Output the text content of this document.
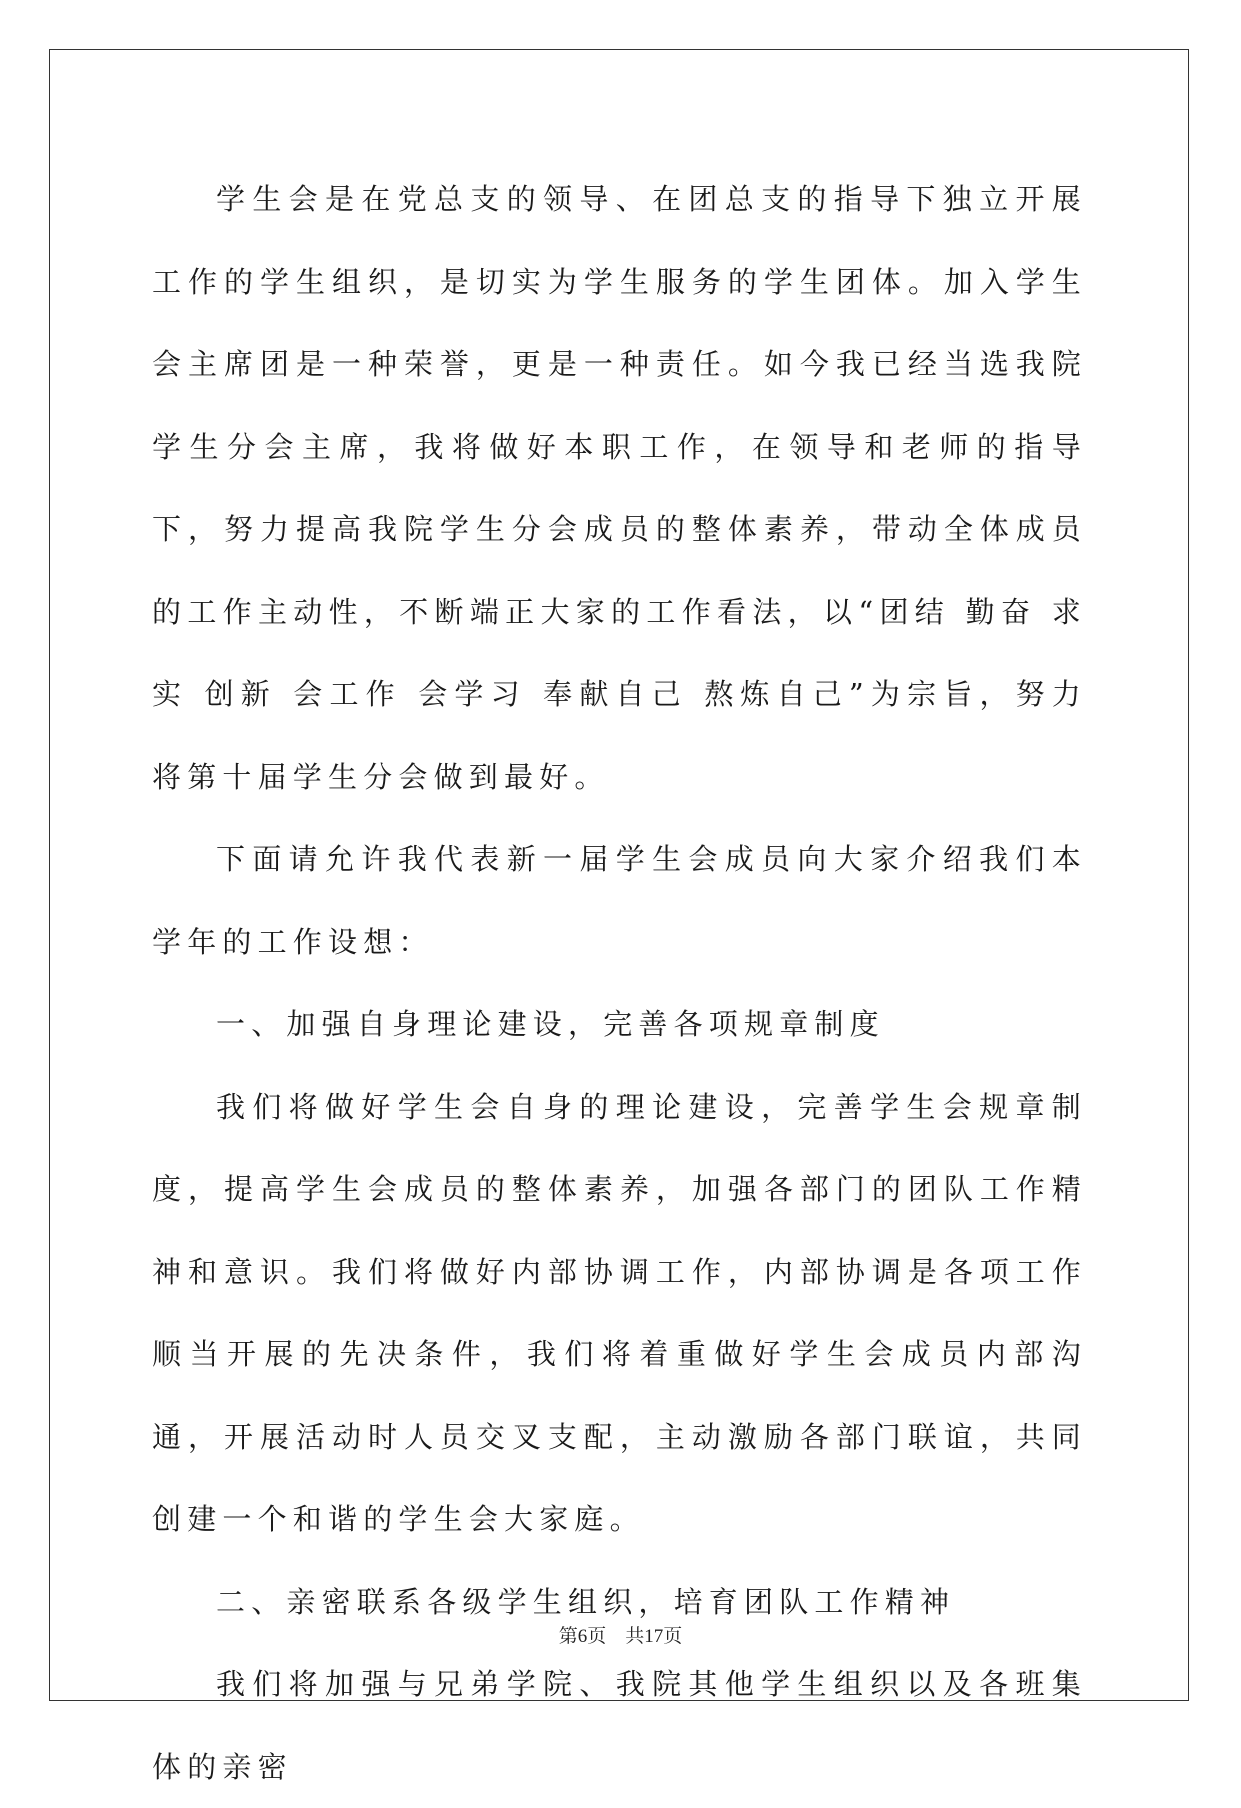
学生会是在党总支的领导、在团总支的指导下独立开展工作的学生组织，是切实为学生服务的学生团体。加入学生会主席团是一种荣誉，更是一种责任。如今我已经当选我院学生分会主席，我将做好本职工作，在领导和老师的指导下，努力提高我院学生分会成员的整体素养，带动全体成员的工作主动性，不断端正大家的工作看法，以“团结 勤奋 求实 创新 会工作 会学习 奉献自己 熬炼自己”为宗旨，努力将第十届学生分会做到最好。

下面请允许我代表新一届学生会成员向大家介绍我们本学年的工作设想：

一、加强自身理论建设，完善各项规章制度

我们将做好学生会自身的理论建设，完善学生会规章制度，提高学生会成员的整体素养，加强各部门的团队工作精神和意识。我们将做好内部协调工作，内部协调是各项工作顺当开展的先决条件，我们将着重做好学生会成员内部沟通，开展活动时人员交叉支配，主动激励各部门联谊，共同创建一个和谐的学生会大家庭。

二、亲密联系各级学生组织，培育团队工作精神

我们将加强与兄弟学院、我院其他学生组织以及各班集体的亲密

第6页　共17页
